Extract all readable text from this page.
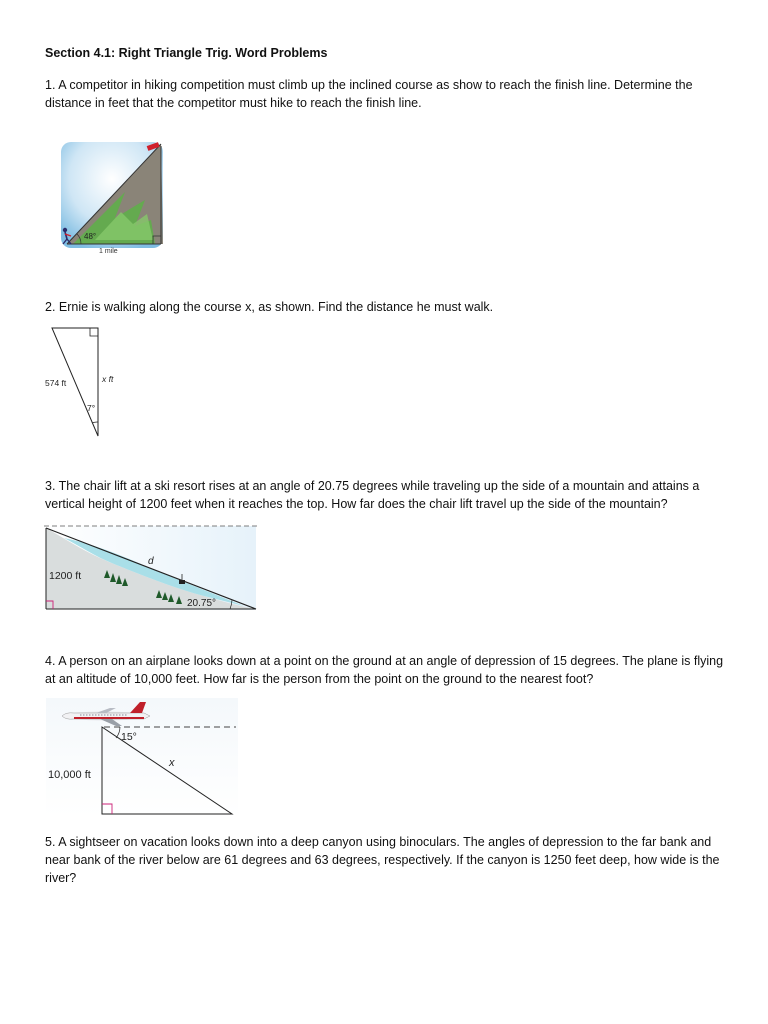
Section 4.1: Right Triangle Trig. Word Problems

1. A competitor in hiking competition must climb up the inclined course as show to reach the finish line. Determine the distance in feet that the competitor must hike to reach the finish line.

48°
1 mile

2. Ernie is walking along the course x, as shown. Find the distance he must walk.

574 ft	x ft
7°

3. The chair lift at a ski resort rises at an angle of 20.75 degrees while traveling up the side of a mountain and attains a vertical height of 1200 feet when it reaches the top. How far does the chair lift travel up the side of the mountain?

1200 ft
d
20.75°

4. A person on an airplane looks down at a point on the ground at an angle of depression of 15 degrees. The plane is flying at an altitude of 10,000 feet. How far is the person from the point on the ground to the nearest foot?

10,000 ft
x
15°

5. A sightseer on vacation looks down into a deep canyon using binoculars. The angles of depression to the far bank and near bank of the river below are 61 degrees and 63 degrees, respectively. If the canyon is 1250 feet deep, how wide is the river?
